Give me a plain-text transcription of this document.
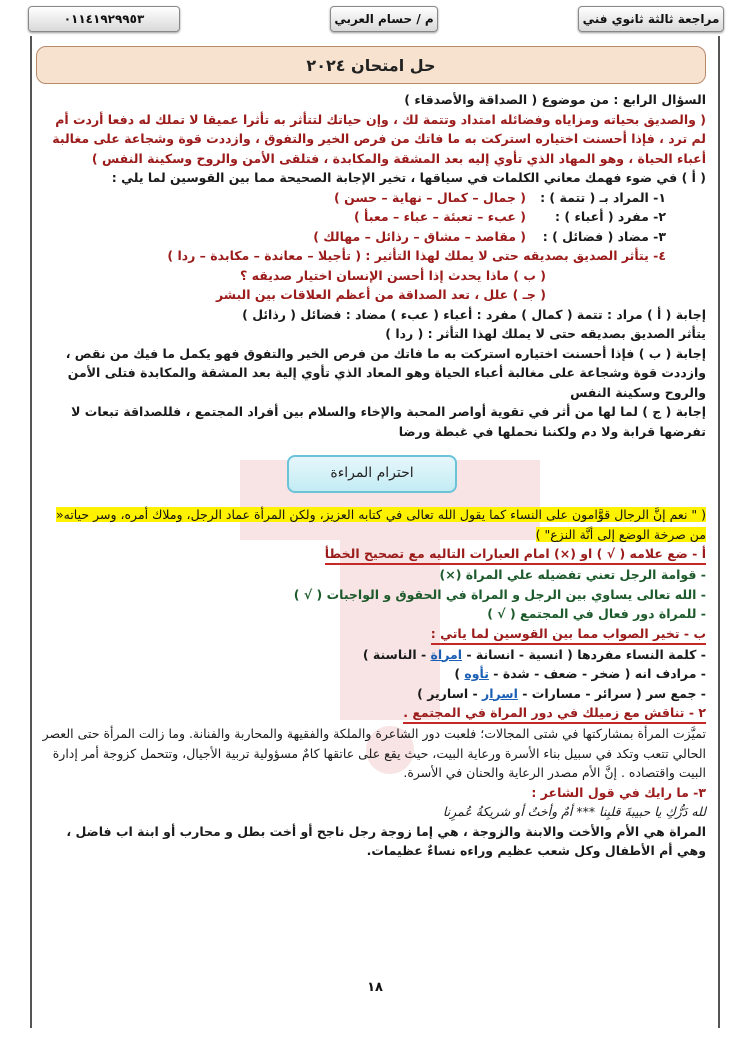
٠١١٤١٩٢٩٩٥٣	م / حسام العربي	مراجعة ثالثة ثانوي فني
حل امتحان ٢٠٢٤

السؤال الرابع : من موضوع ( الصداقة والأصدقاء )

( والصديق بحياته ومزاياه وفضائله امتداد وتتمة لك ، وإن حياتك لتتأثر به تأثرا عميقا لا تملك له دفعا أردت أم لم ترد ، فإذا أحسنت اختياره استركت به ما فاتك من فرص الخير والتفوق ، وازددت قوة وشجاعة على مغالبة أعباء الحياة ، وهو المهاد الذي تأوي إليه بعد المشقة والمكابدة ، فتلقى الأمن والروح وسكينة النفس )

( أ ) في ضوء فهمك معاني الكلمات في سياقها ، تخير الإجابة الصحيحة مما بين القوسين لما يلي :

١- المراد بـ ( تتمة ) :( جمال – كمال – نهاية – حسن )

٢- مفرد ( أعباء ) :( عبء – تعبئة – عباء – معبأ )

٣- مضاد ( فضائل ) :( مقاصد – مشاق – رذائل – مهالك )

٤- يتأثر الصديق بصديقه حتى لا يملك لهذا التأثير : ( تأجيلا – معاندة – مكابدة – ردا )

( ب ) ماذا يحدث إذا أحسن الإنسان اختيار صديقه ؟

( جـ ) علل ، تعد الصداقة من أعظم العلاقات بين البشر

إجابة ( أ ) مراد : تتمة ( كمال ) مفرد : أعباء ( عبء ) مضاد : فضائل ( رذائل )

يتأثر الصديق بصديقه حتى لا يملك لهذا التأثر : ( ردا )

إجابة ( ب ) فإذا أحسنت اختياره استركت به ما فاتك من فرص الخير والتفوق فهو يكمل ما فيك من نقص ، وازددت قوة وشجاعة على مغالبة أعباء الحياة وهو المعاد الذي تأوي إلية بعد المشقة والمكابدة فتلى الأمن والروح وسكينة النفس

إجابة ( ج ) لما لها من أثر في تقوية أواصر المحبة والإخاء والسلام بين أفراد المجتمع ، فللصداقة تبعات لا تفرضها قرابة ولا دم ولكننا نحملها في غبطة ورضا

احترام المراءة

( " نعم إنَّ الرجال قوَّامون على النساء كما يقول الله تعالى في كتابه العزيز، ولكن المرأة عماد الرجل، وملاك أمره، وسر حياته« من صرخة الوضع إلى أنَّة النزع" )

أ - ضع علامه ( √ ) او (×) امام العبارات التاليه مع تصحيح الخطأ

- قوامة الرجل تعني تفضيله علي المراة (×)

- الله تعالى يساوي بين الرجل و المراة في الحقوق و الواجبات ( √ )

- للمراة دور فعال في المجتمع ( √ )

ب - تخير الصواب مما بين القوسين لما ياتي :

- كلمة النساء مفردها ( انسية - انسانة - امراة - الناسنة )

- مرادف انه ( ضخر - ضعف - شدة - تأوه )

- جمع سر ( سرائر - مسارات - اسرار - اسارير )

٢ - تناقش مع زميلك في دور المراة في المجتمع .

تميَّزت المرأة بمشاركتها في شتى المجالات؛ فلعبت دور الشاعرة والملكة والفقيهة والمحاربة والفنانة. وما زالت المرأة حتى العصر الحالي تتعب وتكد في سبيل بناء الأسرة ورعاية البيت، حيث يقع على عاتقها كامٌ مسؤولية تربية الأجيال، وتتحمل كزوجة أمر إدارة البيت واقتصاده . إنَّ الأم مصدر الرعاية والحنان في الأسرة.

٣- ما رايك في قول الشاعر :

لله دَرُّكِ يا حبيبةَ قلبِنا *** أمٌ وأختٌ أو شريكةُ عُمرِنا

المراة هي الأم والأخت والابنة والزوجة ، هي إما زوجة رجل ناجح أو أخت بطل و محارب أو ابنة اب فاضل ، وهي أم الأطفال وكل شعب عظيم وراءه نساءٌ عظيمات.

١٨
